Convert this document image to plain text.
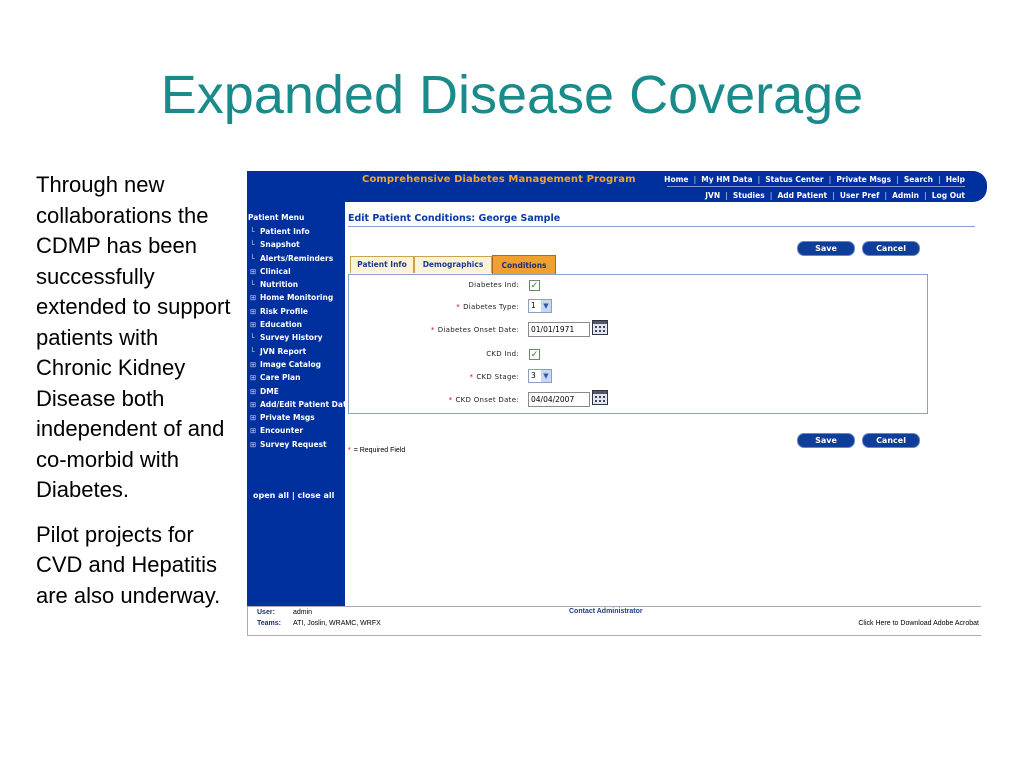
Expanded Disease Coverage

Through new collaborations the CDMP has been successfully extended to support patients with Chronic Kidney Disease both independent of and co-morbid with Diabetes.

Pilot projects for CVD and Hepatitis are also underway.

Comprehensive Diabetes Management Program	Home | My HM Data | Status Center | Private Msgs | Search | Help
JVN | Studies | Add Patient | User Pref | Admin | Log Out
Patient Menu
└ Patient Info
└ Snapshot
└ Alerts/Reminders
⊞ Clinical
└ Nutrition
⊞ Home Monitoring
⊞ Risk Profile
⊞ Education
└ Survey History
└ JVN Report
⊞ Image Catalog
⊞ Care Plan
⊞ DME
⊞ Add/Edit Patient Data
⊞ Private Msgs
⊞ Encounter
⊞ Survey Request
open all | close all
Edit Patient Conditions: George Sample
Save	Cancel
Patient Info	Demographics	Conditions
Diabetes Ind: ✓
* Diabetes Type:	1	▼
* Diabetes Onset Date:	01/01/1971
CKD Ind: ✓
* CKD Stage:	3	▼
* CKD Onset Date:	04/04/2007
* = Required Field
Save	Cancel
User:	admin
Teams: ATI, Joslin, WRAMC, WRFX
Contact Administrator
Click Here to Download Adobe Acrobat
